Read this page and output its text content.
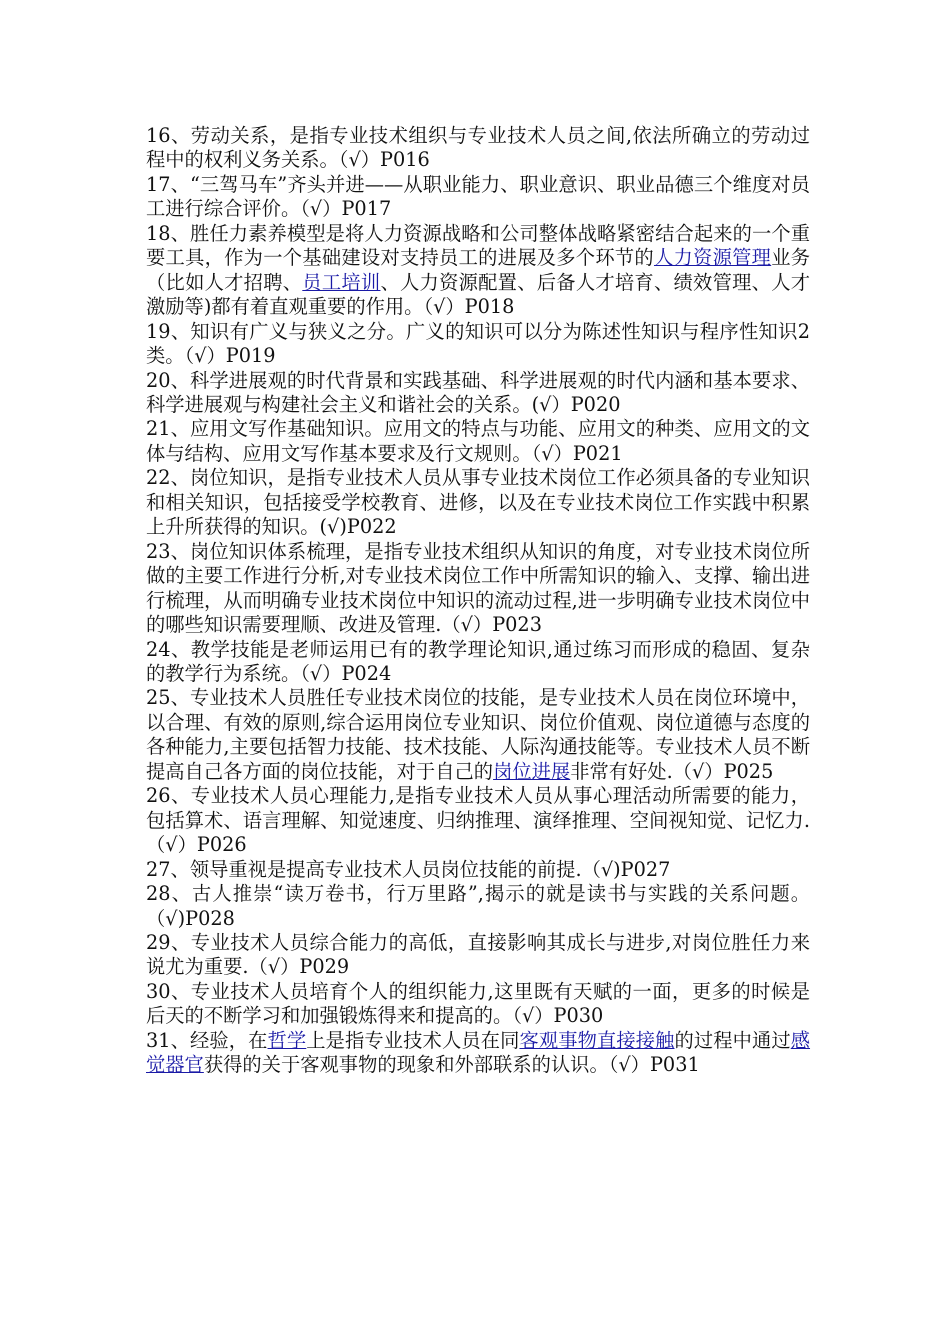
16、劳动关系，是指专业技术组织与专业技术人员之间,依法所确立的劳动过程中的权利义务关系。（√）P016

17、“三驾马车”齐头并进——从职业能力、职业意识、职业品德三个维度对员工进行综合评价。（√）P017

18、胜任力素养模型是将人力资源战略和公司整体战略紧密结合起来的一个重要工具，作为一个基础建设对支持员工的进展及多个环节的人力资源管理业务（比如人才招聘、员工培训、人力资源配置、后备人才培育、绩效管理、人才激励等)都有着直观重要的作用。（√）P018

19、知识有广义与狭义之分。广义的知识可以分为陈述性知识与程序性知识2类。（√）P019

20、科学进展观的时代背景和实践基础、科学进展观的时代内涵和基本要求、科学进展观与构建社会主义和谐社会的关系。(√）P020

21、应用文写作基础知识。应用文的特点与功能、应用文的种类、应用文的文体与结构、应用文写作基本要求及行文规则。（√）P021

22、岗位知识，是指专业技术人员从事专业技术岗位工作必须具备的专业知识和相关知识，包括接受学校教育、进修，以及在专业技术岗位工作实践中积累上升所获得的知识。(√)P022

23、岗位知识体系梳理，是指专业技术组织从知识的角度，对专业技术岗位所做的主要工作进行分析,对专业技术岗位工作中所需知识的输入、支撑、输出进行梳理，从而明确专业技术岗位中知识的流动过程,进一步明确专业技术岗位中的哪些知识需要理顺、改进及管理.（√）P023

24、教学技能是老师运用已有的教学理论知识,通过练习而形成的稳固、复杂的教学行为系统。（√）P024

25、专业技术人员胜任专业技术岗位的技能，是专业技术人员在岗位环境中，以合理、有效的原则,综合运用岗位专业知识、岗位价值观、岗位道德与态度的各种能力,主要包括智力技能、技术技能、人际沟通技能等。专业技术人员不断提高自己各方面的岗位技能，对于自己的岗位进展非常有好处.（√）P025

26、专业技术人员心理能力,是指专业技术人员从事心理活动所需要的能力，包括算术、语言理解、知觉速度、归纳推理、演绎推理、空间视知觉、记忆力.（√）P026

27、领导重视是提高专业技术人员岗位技能的前提.（√)P027

28、古人推崇“读万卷书，行万里路”,揭示的就是读书与实践的关系问题。（√)P028

29、专业技术人员综合能力的高低，直接影响其成长与进步,对岗位胜任力来说尤为重要.（√）P029

30、专业技术人员培育个人的组织能力,这里既有天赋的一面，更多的时候是后天的不断学习和加强锻炼得来和提高的。（√）P030

31、经验，在哲学上是指专业技术人员在同客观事物直接接触的过程中通过感觉器官获得的关于客观事物的现象和外部联系的认识。（√）P031
